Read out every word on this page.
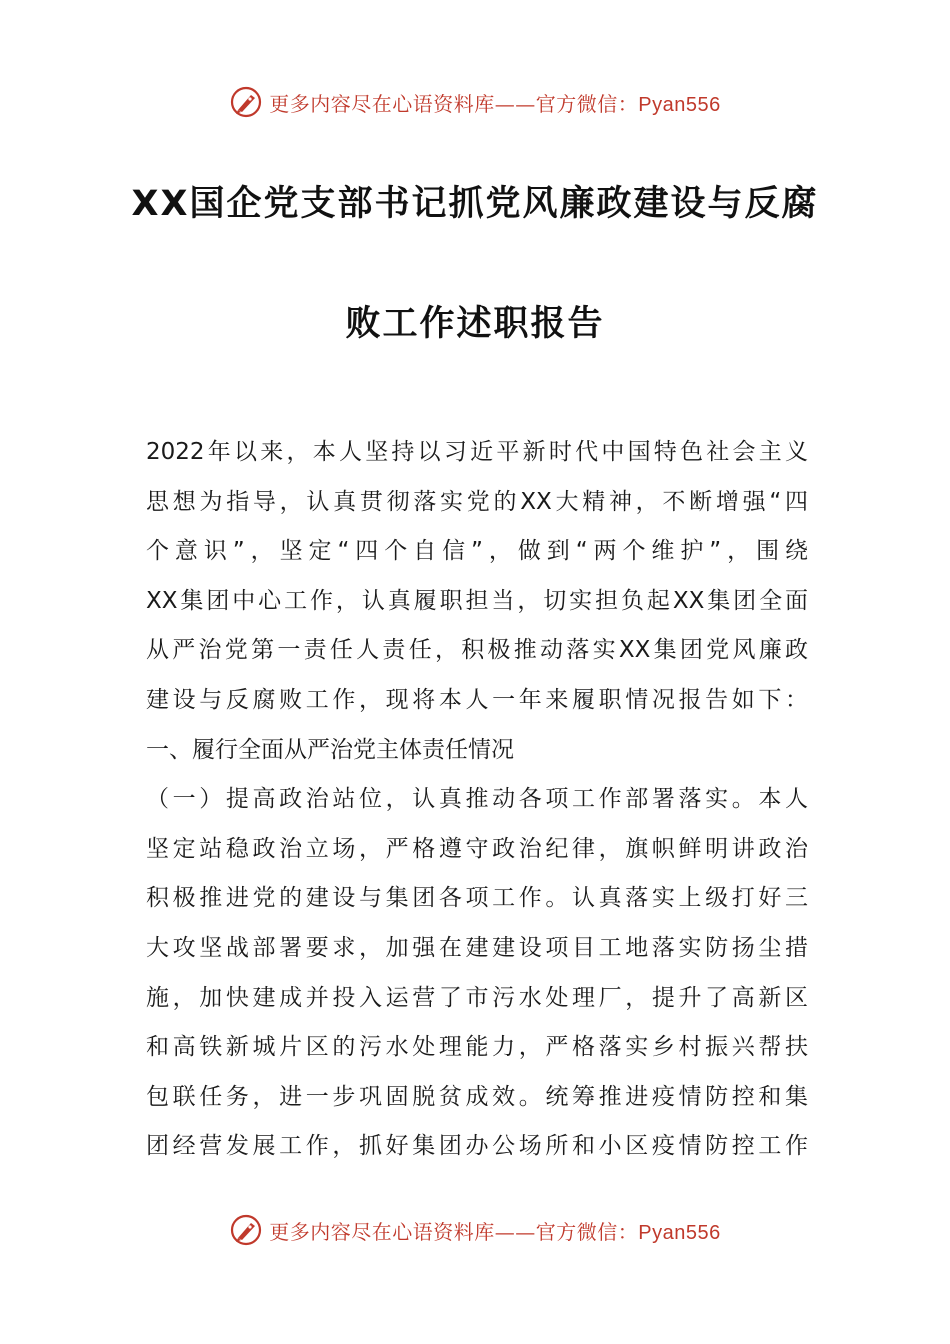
更多内容尽在心语资料库——官方微信：Pyan556
XX国企党支部书记抓党风廉政建设与反腐
败工作述职报告
2022年以来，本人坚持以习近平新时代中国特色社会主义
思想为指导，认真贯彻落实党的XX大精神，不断增强“四
个意识”，坚定“四个自信”，做到“两个维护”，围绕
XX集团中心工作，认真履职担当，切实担负起XX集团全面
从严治党第一责任人责任，积极推动落实XX集团党风廉政
建设与反腐败工作，现将本人一年来履职情况报告如下：
一、履行全面从严治党主体责任情况
（一）提高政治站位，认真推动各项工作部署落实。本人
坚定站稳政治立场，严格遵守政治纪律，旗帜鲜明讲政治
积极推进党的建设与集团各项工作。认真落实上级打好三
大攻坚战部署要求，加强在建建设项目工地落实防扬尘措
施，加快建成并投入运营了市污水处理厂，提升了高新区
和高铁新城片区的污水处理能力，严格落实乡村振兴帮扶
包联任务，进一步巩固脱贫成效。统筹推进疫情防控和集
团经营发展工作，抓好集团办公场所和小区疫情防控工作
更多内容尽在心语资料库——官方微信：Pyan556
